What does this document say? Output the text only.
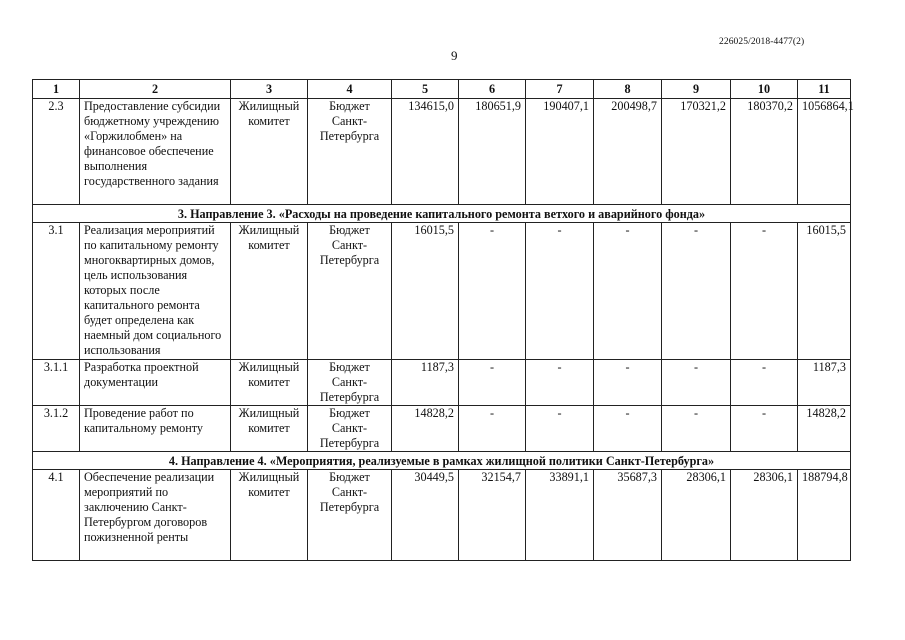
226025/2018-4477(2)
9
1	2	3	4	5	6	7	8	9	10	11
2.3	Предоставление субсидии бюджетному учреждению «Горжилобмен» на финансовое обеспечение выполнения государственного задания	Жилищный комитет	Бюджет Санкт-Петербурга	134615,0	180651,9	190407,1	200498,7	170321,2	180370,2	1056864,1
3. Направление 3. «Расходы на проведение капитального ремонта ветхого и аварийного фонда»										
3.1	Реализация мероприятий по капитальному ремонту многоквартирных домов, цель использования которых после капитального ремонта будет определена как наемный дом социального использования	Жилищный комитет	Бюджет Санкт-Петербурга	16015,5	-	-	-	-	-	16015,5
3.1.1	Разработка проектной документации	Жилищный комитет	Бюджет Санкт-Петербурга	1187,3	-	-	-	-	-	1187,3
3.1.2	Проведение работ по капитальному ремонту	Жилищный комитет	Бюджет Санкт-Петербурга	14828,2	-	-	-	-	-	14828,2
4. Направление 4. «Мероприятия, реализуемые в рамках жилищной политики Санкт-Петербурга»										
4.1	Обеспечение реализации мероприятий по заключению Санкт-Петербургом договоров пожизненной ренты	Жилищный комитет	Бюджет Санкт-Петербурга	30449,5	32154,7	33891,1	35687,3	28306,1	28306,1	188794,8
